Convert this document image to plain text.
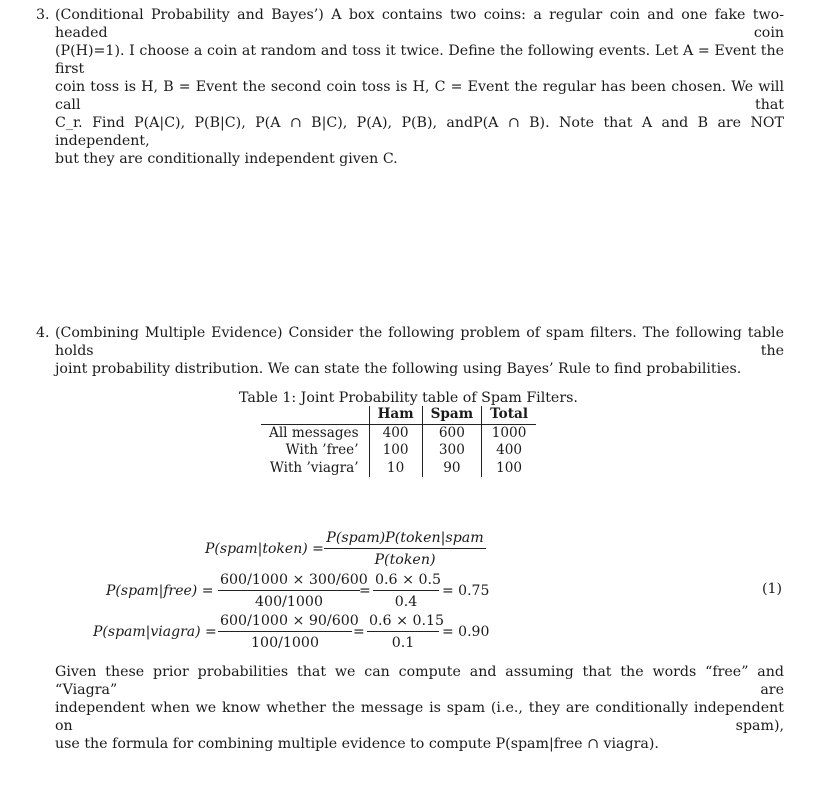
3. (Conditional Probability and Bayes’) A box contains two coins: a regular coin and one fake two-headed coin
(P(H)=1). I choose a coin at random and toss it twice. Define the following events. Let A = Event the first
coin toss is H, B = Event the second coin toss is H, C = Event the regular has been chosen. We will call that
C_r. Find P(A|C), P(B|C), P(A ∩ B|C), P(A), P(B), andP(A ∩ B). Note that A and B are NOT independent,
but they are conditionally independent given C.
4. (Combining Multiple Evidence) Consider the following problem of spam filters. The following table holds the
joint probability distribution. We can state the following using Bayes’ Rule to find probabilities.
Table 1: Joint Probability table of Spam Filters.
	Ham	Spam	Total
All messages	400	600	1000
With ’free’	100	300	400
With ’viagra’	10	90	100
P(spam|token) =
P(spam)P(token|spam
P(token)
P(spam|free) = $\frac{600/1000 \times 300/600}{400/1000} = \frac{0.6 \times 0.5}{0.4} = 0.75$
P(spam|viagra) = $\frac{600/1000 \times 90/600}{100/1000} = \frac{0.6 \times 0.15}{0.1} = 0.90$
(1)
Given these prior probabilities that we can compute and assuming that the words “free” and “Viagra” are
independent when we know whether the message is spam (i.e., they are conditionally independent on spam),
use the formula for combining multiple evidence to compute P(spam|free ∩ viagra).
